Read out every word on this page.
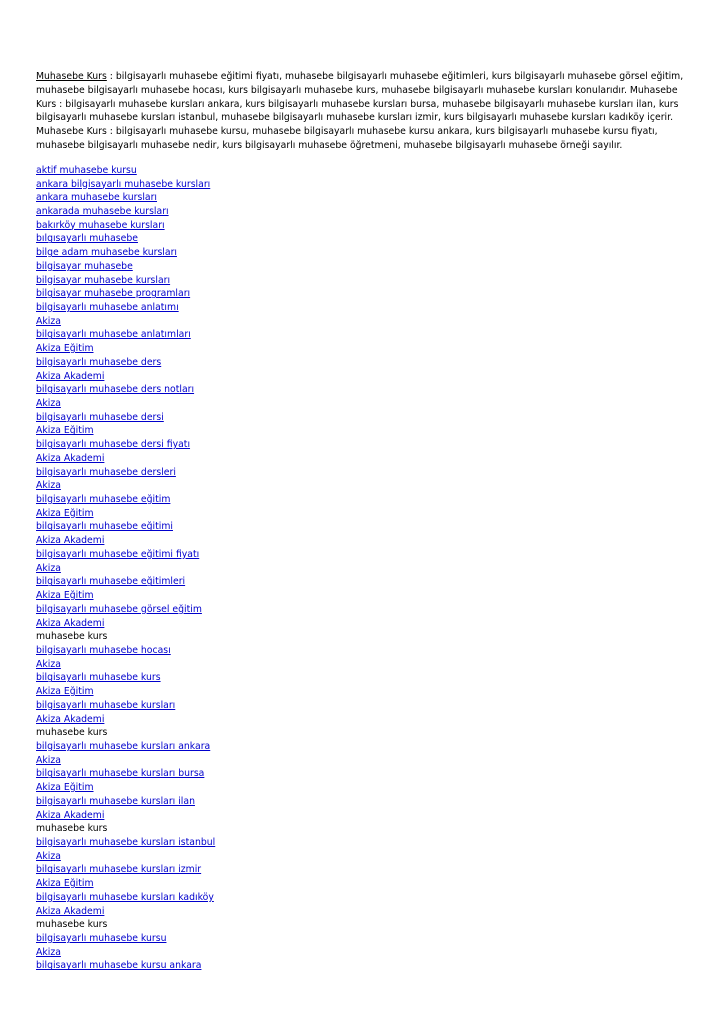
Muhasebe Kurs : bilgisayarlı muhasebe eğitimi fiyatı, muhasebe bilgisayarlı muhasebe eğitimleri, kurs bilgisayarlı muhasebe görsel eğitim, muhasebe bilgisayarlı muhasebe hocası, kurs bilgisayarlı muhasebe kurs, muhasebe bilgisayarlı muhasebe kursları konularıdır. Muhasebe Kurs : bilgisayarlı muhasebe kursları ankara, kurs bilgisayarlı muhasebe kursları bursa, muhasebe bilgisayarlı muhasebe kursları ilan, kurs bilgisayarlı muhasebe kursları istanbul, muhasebe bilgisayarlı muhasebe kursları izmir, kurs bilgisayarlı muhasebe kursları kadıköy içerir. Muhasebe Kurs : bilgisayarlı muhasebe kursu, muhasebe bilgisayarlı muhasebe kursu ankara, kurs bilgisayarlı muhasebe kursu fiyatı, muhasebe bilgisayarlı muhasebe nedir, kurs bilgisayarlı muhasebe öğretmeni, muhasebe bilgisayarlı muhasebe örneği sayılır.

aktif muhasebe kursu
ankara bilgisayarlı muhasebe kursları
ankara muhasebe kursları
ankarada muhasebe kursları
bakırköy muhasebe kursları
bılgısayarlı muhasebe
bilge adam muhasebe kursları
bilgisayar muhasebe
bilgisayar muhasebe kursları
bilgisayar muhasebe programları
bilgisayarlı muhasebe anlatımı
Akiza
bilgisayarlı muhasebe anlatımları
Akiza Eğitim
bilgisayarlı muhasebe ders
Akiza Akademi
bilgisayarlı muhasebe ders notları
Akiza
bilgisayarlı muhasebe dersi
Akiza Eğitim
bilgisayarlı muhasebe dersi fiyatı
Akiza Akademi
bilgisayarlı muhasebe dersleri
Akiza
bilgisayarlı muhasebe eğitim
Akiza Eğitim
bilgisayarlı muhasebe eğitimi
Akiza Akademi
bilgisayarlı muhasebe eğitimi fiyatı
Akiza
bilgisayarlı muhasebe eğitimleri
Akiza Eğitim
bilgisayarlı muhasebe görsel eğitim
Akiza Akademi
muhasebe kurs
bilgisayarlı muhasebe hocası
Akiza
bilgisayarlı muhasebe kurs
Akiza Eğitim
bilgisayarlı muhasebe kursları
Akiza Akademi
muhasebe kurs
bilgisayarlı muhasebe kursları ankara
Akiza
bilgisayarlı muhasebe kursları bursa
Akiza Eğitim
bilgisayarlı muhasebe kursları ilan
Akiza Akademi
muhasebe kurs
bilgisayarlı muhasebe kursları istanbul
Akiza
bilgisayarlı muhasebe kursları izmir
Akiza Eğitim
bilgisayarlı muhasebe kursları kadıköy
Akiza Akademi
muhasebe kurs
bilgisayarlı muhasebe kursu
Akiza
bilgisayarlı muhasebe kursu ankara
